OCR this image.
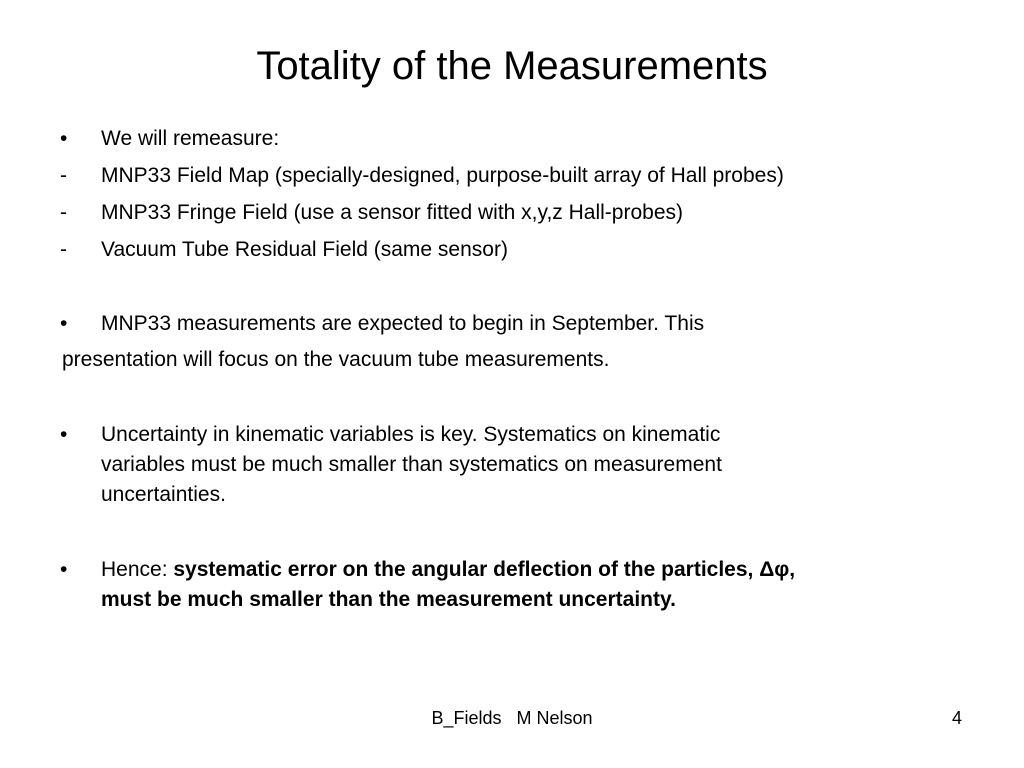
Totality of the Measurements
•	We will remeasure:
-	MNP33 Field Map (specially-designed, purpose-built array of Hall probes)
-	MNP33 Fringe Field (use a sensor fitted with x,y,z Hall-probes)
-	Vacuum Tube Residual Field (same sensor)
•	MNP33 measurements are expected to begin in September. This
presentation will focus on the vacuum tube measurements.
•	Uncertainty in kinematic variables is key. Systematics on kinematic
variables must be much smaller than systematics on measurement
uncertainties.
•	Hence: systematic error on the angular deflection of the particles, Δφ,
must be much smaller than the measurement uncertainty.
B_Fields   M Nelson	4
